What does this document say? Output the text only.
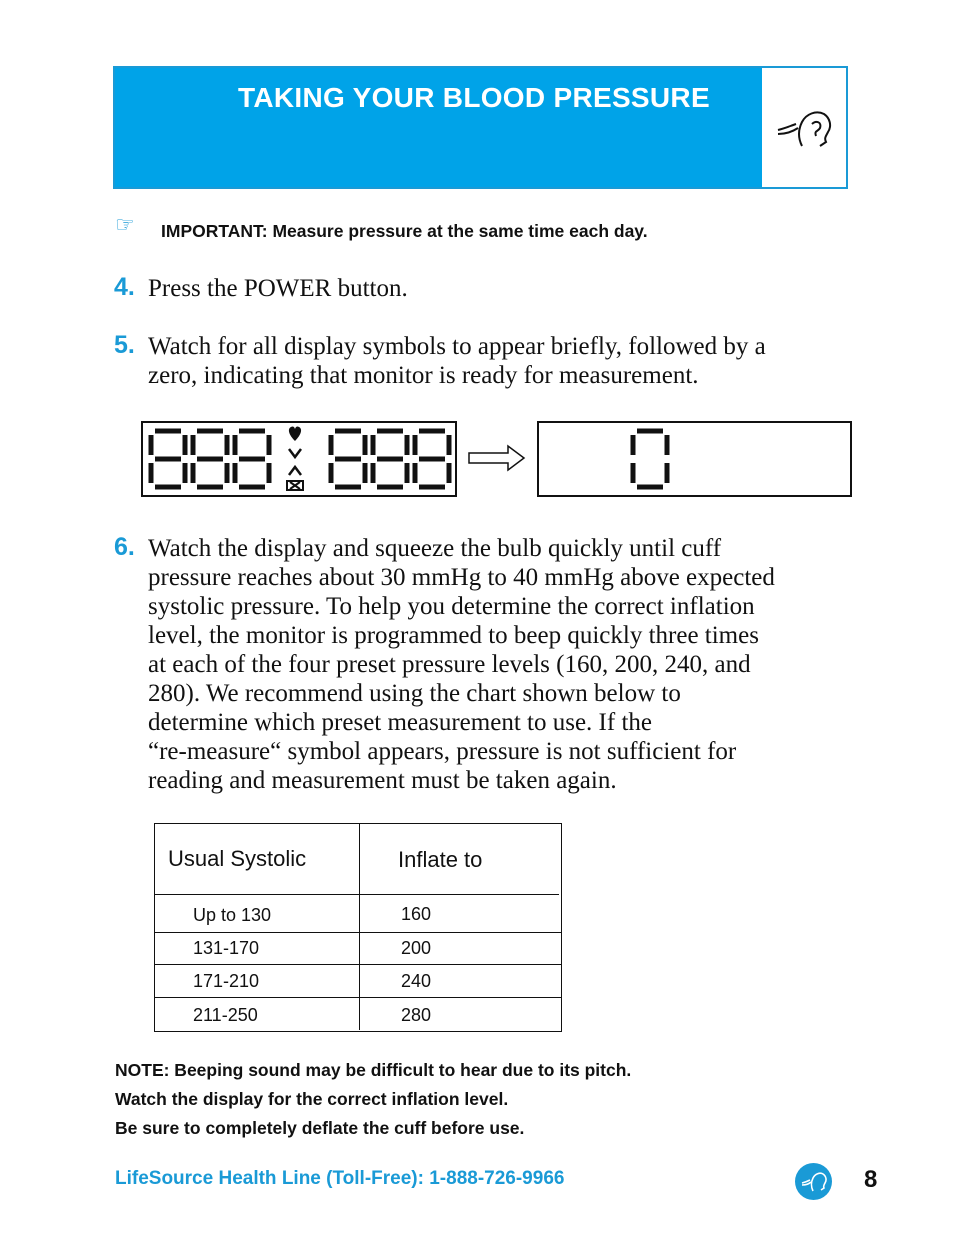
TAKING YOUR BLOOD PRESSURE
☞ IMPORTANT: Measure pressure at the same time each day.
4. Press the POWER button.
5. Watch for all display symbols to appear briefly, followed by a
zero, indicating that monitor is ready for measurement.
6. Watch the display and squeeze the bulb quickly until cuff
pressure reaches about 30 mmHg to 40 mmHg above expected
systolic pressure. To help you determine the correct inflation
level, the monitor is programmed to beep quickly three times
at each of the four preset pressure levels (160, 200, 240, and
280). We recommend using the chart shown below to
determine which preset measurement to use. If the
“re-measure“ symbol appears, pressure is not sufficient for
reading and measurement must be taken again.
Usual Systolic	Inflate to
Up to 130	160
131-170	200
171-210	240
211-250	280
NOTE: Beeping sound may be difficult to hear due to its pitch.
Watch the display for the correct inflation level.
Be sure to completely deflate the cuff before use.
LifeSource Health Line (Toll-Free): 1-888-726-9966	8
